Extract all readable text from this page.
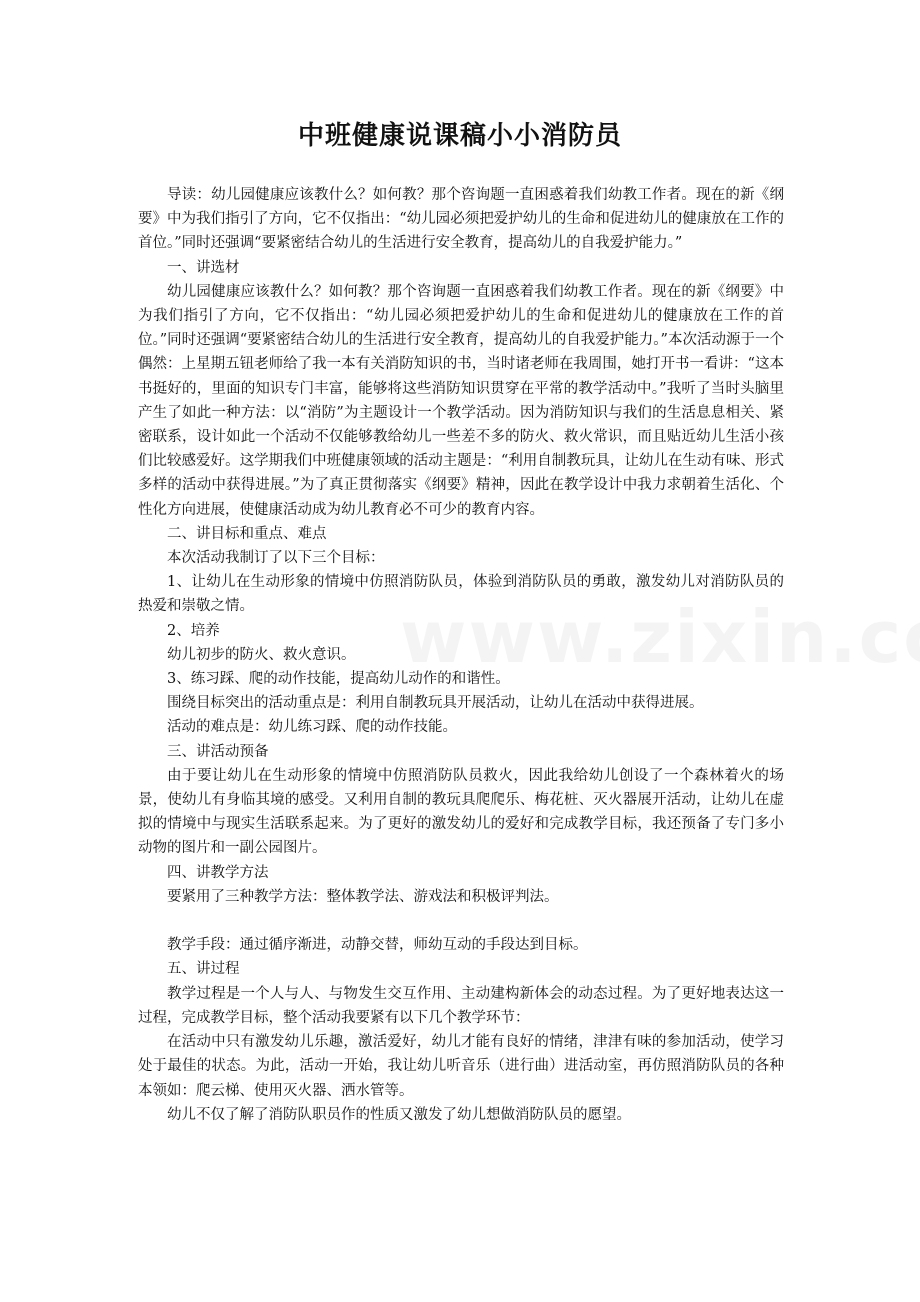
中班健康说课稿小小消防员

导读：幼儿园健康应该教什么？如何教？那个咨询题一直困惑着我们幼教工作者。现在的新《纲要》中为我们指引了方向，它不仅指出：“幼儿园必须把爱护幼儿的生命和促进幼儿的健康放在工作的首位。”同时还强调“要紧密结合幼儿的生活进行安全教育，提高幼儿的自我爱护能力。”

一、讲选材

幼儿园健康应该教什么？如何教？那个咨询题一直困惑着我们幼教工作者。现在的新《纲要》中为我们指引了方向，它不仅指出：“幼儿园必须把爱护幼儿的生命和促进幼儿的健康放在工作的首位。”同时还强调“要紧密结合幼儿的生活进行安全教育，提高幼儿的自我爱护能力。”本次活动源于一个偶然：上星期五钮老师给了我一本有关消防知识的书，当时诸老师在我周围，她打开书一看讲：“这本书挺好的，里面的知识专门丰富，能够将这些消防知识贯穿在平常的教学活动中。”我听了当时头脑里产生了如此一种方法：以“消防”为主题设计一个教学活动。因为消防知识与我们的生活息息相关、紧密联系，设计如此一个活动不仅能够教给幼儿一些差不多的防火、救火常识，而且贴近幼儿生活小孩们比较感爱好。这学期我们中班健康领域的活动主题是：“利用自制教玩具，让幼儿在生动有味、形式多样的活动中获得进展。”为了真正贯彻落实《纲要》精神，因此在教学设计中我力求朝着生活化、个性化方向进展，使健康活动成为幼儿教育必不可少的教育内容。

二、讲目标和重点、难点

本次活动我制订了以下三个目标：

1、让幼儿在生动形象的情境中仿照消防队员，体验到消防队员的勇敢，激发幼儿对消防队员的热爱和崇敬之情。

2、培养

幼儿初步的防火、救火意识。

3、练习踩、爬的动作技能，提高幼儿动作的和谐性。

围绕目标突出的活动重点是：利用自制教玩具开展活动，让幼儿在活动中获得进展。

活动的难点是：幼儿练习踩、爬的动作技能。

三、讲活动预备

由于要让幼儿在生动形象的情境中仿照消防队员救火，因此我给幼儿创设了一个森林着火的场景，使幼儿有身临其境的感受。又利用自制的教玩具爬爬乐、梅花桩、灭火器展开活动，让幼儿在虚拟的情境中与现实生活联系起来。为了更好的激发幼儿的爱好和完成教学目标，我还预备了专门多小动物的图片和一副公园图片。

四、讲教学方法

要紧用了三种教学方法：整体教学法、游戏法和积极评判法。

教学手段：通过循序渐进，动静交替，师幼互动的手段达到目标。

五、讲过程

教学过程是一个人与人、与物发生交互作用、主动建构新体会的动态过程。为了更好地表达这一过程，完成教学目标，整个活动我要紧有以下几个教学环节：

在活动中只有激发幼儿乐趣，激活爱好，幼儿才能有良好的情绪，津津有味的参加活动，使学习处于最佳的状态。为此，活动一开始，我让幼儿听音乐（进行曲）进活动室，再仿照消防队员的各种本领如：爬云梯、使用灭火器、洒水管等。

幼儿不仅了解了消防队职员作的性质又激发了幼儿想做消防队员的愿望。
